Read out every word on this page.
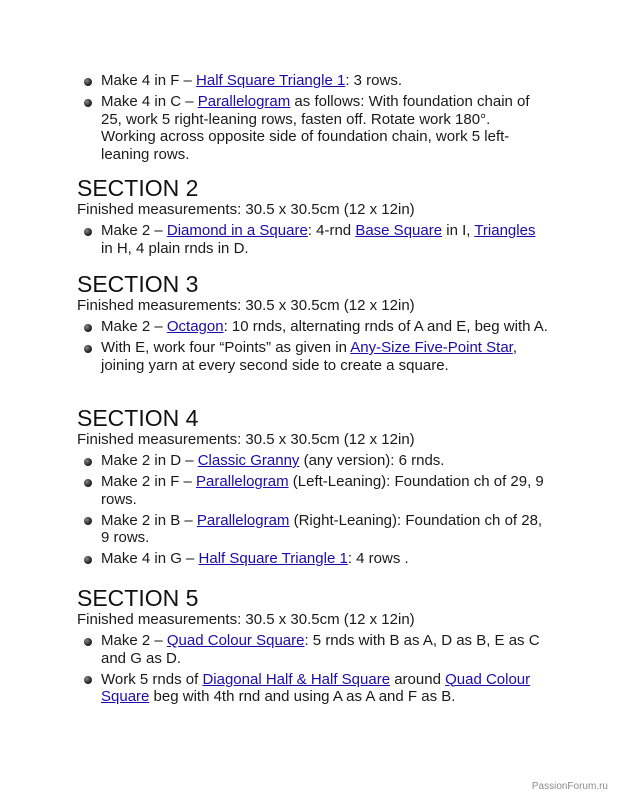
Make 4 in F – Half Square Triangle 1: 3 rows.
Make 4 in C – Parallelogram as follows: With foundation chain of 25, work 5 right-leaning rows, fasten off. Rotate work 180°. Working across opposite side of foundation chain, work 5 left-leaning rows.
SECTION 2
Finished measurements: 30.5 x 30.5cm (12 x 12in)
Make 2 – Diamond in a Square: 4-rnd Base Square in I, Triangles in H, 4 plain rnds in D.
SECTION 3
Finished measurements: 30.5 x 30.5cm (12 x 12in)
Make 2 – Octagon: 10 rnds, alternating rnds of A and E, beg with A.
With E, work four “Points” as given in Any-Size Five-Point Star, joining yarn at every second side to create a square.
SECTION 4
Finished measurements: 30.5 x 30.5cm (12 x 12in)
Make 2 in D – Classic Granny (any version): 6 rnds.
Make 2 in F – Parallelogram (Left-Leaning): Foundation ch of 29, 9 rows.
Make 2 in B – Parallelogram (Right-Leaning): Foundation ch of 28, 9 rows.
Make 4 in G – Half Square Triangle 1: 4 rows .
SECTION 5
Finished measurements: 30.5 x 30.5cm (12 x 12in)
Make 2 – Quad Colour Square: 5 rnds with B as A, D as B, E as C and G as D.
Work 5 rnds of Diagonal Half & Half Square around Quad Colour Square beg with 4th rnd and using A as A and F as B.
PassionForum.ru
